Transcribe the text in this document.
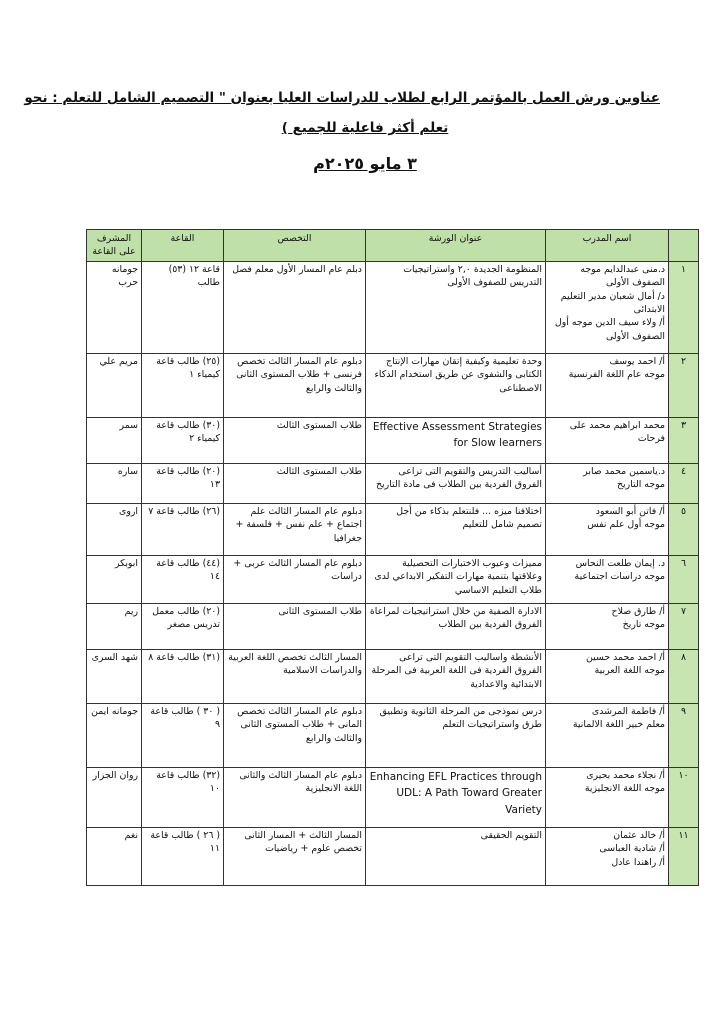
عناوين ورش العمل بالمؤتمر الرابع لطلاب للدراسات العليا بعنوان " التصميم الشامل للتعلم : نحو
تعلم أكثر فاعلية للجميع )
٣ مايو ٢٠٢٥م
	اسم المدرب	عنوان الورشة	التخصص	القاعة	المشرف على القاعة
١	د.منى عبدالدايم موجه الصفوف الأولى
د/ أمال شعبان مدير التعليم الابتدائى
أ/ ولاء سيف الدين موجه أول الصفوف الأولى	المنظومة الجديدة ٢,٠ واستراتيجيات التدريس للصفوف الأولى	دبلم عام المسار الأول معلم فصل	قاعة ١٢ (٥٣) طالب	جومانه حرب
٢	أ/ احمد يوسف
موجه عام اللغة الفرنسية	وحدة تعليمية وكيفية إتقان مهارات الإنتاج الكتابى والشفوى عن طريق استخدام الذكاء الاصطناعى	دبلوم عام المسار الثالث تخصص فرنسى + طلاب المستوى الثانى والثالث والرابع	(٢٥) طالب قاعة كيمياء ١	مريم علي
٣	محمد ابراهيم محمد على فرحات	Effective Assessment Strategies for Slow learners	طلاب المستوى الثالث	(٣٠) طالب قاعة كيمياء ٢	سمر
٤	د.ياسمين محمد صابر
موجه التاريخ	أساليب التدريس والتقويم التى تراعى الفروق الفردية بين الطلاب فى مادة التاريخ	طلاب المستوى الثالث	(٢٠) طالب قاعة ١٣	ساره
٥	أ/ فاتن أبو السعود
موجه أول علم نفس	اختلافنا ميزه ... فلنتعلم بذكاء من أجل تصميم شامل للتعليم	دبلوم عام المسار الثالث علم اجتماع + علم نفس + فلسفة + جغرافيا	(٢٦) طالب قاعة ٧	اروى
٦	د. إيمان طلعت النحاس
موجه دراسات اجتماعية	مميزات وعيوب الاختبارات التحصيلية وعلاقتها بتنمية مهارات التفكير الابداعي لدى طلاب التعليم الاساسي	دبلوم عام المسار الثالث عربى + دراسات	(٤٤) طالب قاعة ١٤	ابوبكر
٧	أ/ طارق صلاح
موجه تاريخ	الادارة الصفية من خلال استراتيجيات لمراعاة الفروق الفردية بين الطلاب	طلاب المستوى الثانى	(٢٠) طالب معمل تدريس مصغر	ريم
٨	أ/ احمد محمد حسين
موجه اللغة العربية	الأنشطة واساليب التقويم التى تراعى الفروق الفردية فى اللغة العربية فى المرحلة الابتدائية والاعدادية	المسار الثالث تخصص اللغة العربية والدراسات الاسلامية	(٣١) طالب قاعة ٨	شهد السرى
٩	أ/ فاطمة المرشدى
معلم خبير اللغة الالمانية	درس نموذجى من المرحلة الثانوية وتطبيق طرق واستراتيجيات التعلم	دبلوم عام المسار الثالث تخصص المانى + طلاب المستوى الثانى والثالث والرابع	( ٣٠ ) طالب قاعة ٩	جومانه ايمن
١٠	أ/ نجلاء محمد بحيرى
موجه اللغة الانجليزية	Enhancing EFL Practices through UDL: A Path Toward Greater Variety	دبلوم عام المسار الثالث والثانى اللغة الانجليزية	(٣٢) طالب قاعة ١٠	روان الجزار
١١	أ/ خالد عثمان
أ/ شادية العباسى
أ/ راهندا عادل	التقويم الحقيقى	المسار الثالث + المسار الثانى تخصص علوم + رياضيات	( ٢٦ ) طالب قاعة ١١	نغم
